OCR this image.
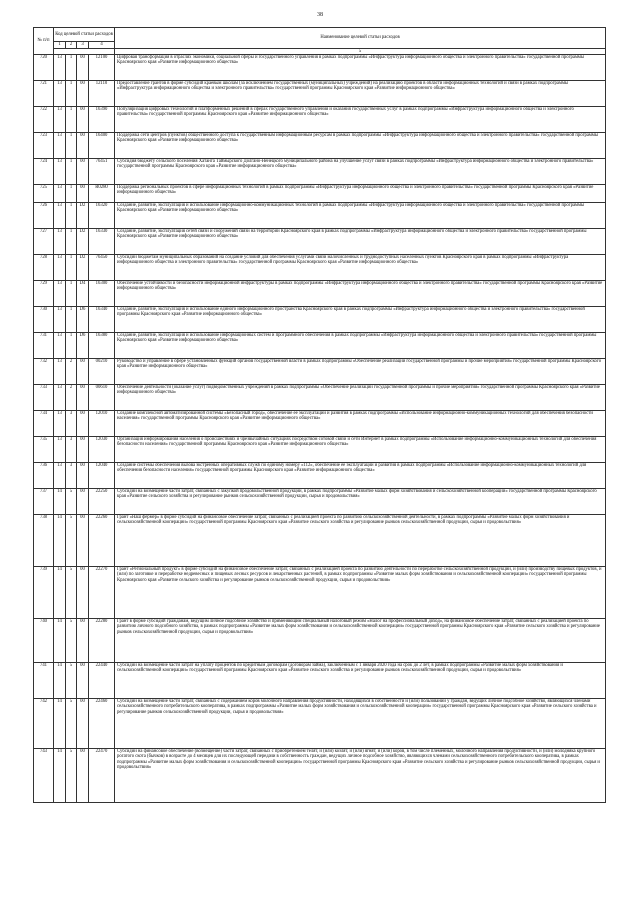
38
№ п/п	Код целевой статьи расходов				Наименование целевой статьи расходов
	1	2	3	4	
					5
720	13	1	00	12100	Цифровая трансформация в отраслях экономики, социальной сферы и государственного управления в рамках подпрограммы «Инфраструктура информационного общества и электронного правительства» государственной программы Красноярского края «Развитие информационного общества»
721	13	1	00	12110	Предоставление грантов в форме субсидий краевым школам (за исключением государственных (муниципальных) учреждений) на реализацию проектов в области информационных технологий и связи в рамках подпрограммы «Инфраструктура информационного общества и электронного правительства» государственной программы Красноярского края «Развитие информационного общества»
722	13	1	00	16390	Популяризация цифровых технологий и платформенных решений в сферах государственного управления и оказания государственных услуг в рамках подпрограммы «Инфраструктура информационного общества и электронного правительства» государственной программы Красноярского края «Развитие информационного общества»
723	13	1	00	16400	Поддержка сети центров (пунктов) общественного доступа к государственным информационным ресурсам в рамках подпрограммы «Инфраструктура информационного общества и электронного правительства» государственной программы Красноярского края «Развитие информационного общества»
724	13	1	00	76451	Субсидия бюджету сельского поселения Хатанга Таймырского Долгано-Ненецкого муниципального района на улучшение услуг связи в рамках подпрограммы «Инфраструктура информационного общества и электронного правительства» государственной программы Красноярского края «Развитие информационного общества»
725	13	1	00	R0280	Поддержка региональных проектов в сфере информационных технологий в рамках подпрограммы «Инфраструктура информационного общества и электронного правительства» государственной программы Красноярского края «Развитие информационного общества»
726	13	1	D2	16320	Создание, развитие, эксплуатация и использование информационно-коммуникационных технологий в рамках подпрограммы «Инфраструктура информационного общества и электронного правительства» государственной программы Красноярского края «Развитие информационного общества»
727	13	1	D2	16330	Создание, развитие, эксплуатация сетей связи и сооружений связи на территории Красноярского края в рамках подпрограммы «Инфраструктура информационного общества и электронного правительства» государственной программы Красноярского края «Развитие информационного общества»
728	13	1	D2	76450	Субсидии бюджетам муниципальных образований на создание условий для обеспечения услугами связи малочисленных и труднодоступных населенных пунктов Красноярского края в рамках подпрограммы «Инфраструктура информационного общества и электронного правительства» государственной программы Красноярского края «Развитие информационного общества»
729	13	1	D4	16300	Обеспечение устойчивости и безопасности информационной инфраструктуры в рамках подпрограммы «Инфраструктура информационного общества и электронного правительства» государственной программы Красноярского края «Развитие информационного общества»
730	13	1	D6	16340	Создание, развитие, эксплуатация и использование единого информационного пространства Красноярского края в рамках подпрограммы «Инфраструктура информационного общества и электронного правительства» государственной программы Красноярского края «Развитие информационного общества»
731	13	1	D6	16380	Создание, развитие, эксплуатация и использование информационных систем и программного обеспечения в рамках подпрограммы «Инфраструктура информационного общества и электронного правительства» государственной программы Красноярского края «Развитие информационного общества»
732	13	2	00	00210	Руководство и управление в сфере установленных функций органов государственной власти в рамках подпрограммы «Обеспечение реализации государственной программы и прочие мероприятия» государственной программы Красноярского края «Развитие информационного общества»
733	13	2	00	00610	Обеспечение деятельности (оказание услуг) подведомственных учреждений в рамках подпрограммы «Обеспечение реализации государственной программы и прочие мероприятия» государственной программы Красноярского края «Развитие информационного общества»
734	13	3	00	12010	Создание комплексной автоматизированной системы «Безопасный город», обеспечение ее эксплуатации и развития в рамках подпрограммы «Использование информационно-коммуникационных технологий для обеспечения безопасности населения» государственной программы Красноярского края «Развитие информационного общества»
735	13	3	00	12030	Организация информирования населения о происшествиях и чрезвычайных ситуациях посредством сотовой связи и сети Интернет в рамках подпрограммы «Использование информационно-коммуникационных технологий для обеспечения безопасности населения» государственной программы Красноярского края «Развитие информационного общества»
736	13	3	00	12040	Создание системы обеспечения вызова экстренных оперативных служб по единому номеру «112», обеспечение ее эксплуатации и развития в рамках подпрограммы «Использование информационно-коммуникационных технологий для обеспечения безопасности населения» государственной программы Красноярского края «Развитие информационного общества»
737	14	5	00	22250	Субсидии на возмещение части затрат, связанных с закупкой продовольственной продукции, в рамках подпрограммы «Развитие малых форм хозяйствования и сельскохозяйственной кооперации» государственной программы Красноярского края «Развитие сельского хозяйства и регулирование рынков сельскохозяйственной продукции, сырья и продовольствия»
738	14	5	00	22260	Грант «Наш фермер» в форме субсидий на финансовое обеспечение затрат, связанных с реализацией проекта по развитию сельскохозяйственной деятельности, в рамках подпрограммы «Развитие малых форм хозяйствования и сельскохозяйственной кооперации» государственной программы Красноярского края «Развитие сельского хозяйства и регулирование рынков сельскохозяйственной продукции, сырья и продовольствия»
739	14	5	00	22270	Грант «Региональный продукт» в форме субсидий на финансовое обеспечение затрат, связанных с реализацией проекта по развитию деятельности по переработке сельскохозяйственной продукции, и (или) производству пищевых продуктов, и (или) по заготовке и переработке недревесных и пищевых лесных ресурсов и лекарственных растений, в рамках подпрограммы «Развитие малых форм хозяйствования и сельскохозяйственной кооперации» государственной программы Красноярского края «Развитие сельского хозяйства и регулирование рынков сельскохозяйственной продукции, сырья и продовольствия»
740	14	5	00	22280	Грант в форме субсидий гражданам, ведущим личное подсобное хозяйство и применяющим специальный налоговый режим «Налог на профессиональный доход», на финансовое обеспечение затрат, связанных с реализацией проекта по развитию личного подсобного хозяйства, в рамках подпрограммы «Развитие малых форм хозяйствования и сельскохозяйственной кооперации» государственной программы Красноярского края «Развитие сельского хозяйства и регулирование рынков сельскохозяйственной продукции, сырья и продовольствия»
741	14	5	00	22440	Субсидии на возмещение части затрат на уплату процентов по кредитным договорам (договорам займа), заключенным с 1 января 2020 года на срок до 2 лет, в рамках подпрограммы «Развитие малых форм хозяйствования и сельскохозяйственной кооперации» государственной программы Красноярского края «Развитие сельского хозяйства и регулирование рынков сельскохозяйственной продукции, сырья и продовольствия»
742	14	5	00	22460	Субсидии на возмещение части затрат, связанных с содержанием коров молочного направления продуктивности, находящихся в собственности и (или) пользовании у граждан, ведущих личное подсобное хозяйство, являющихся членами сельскохозяйственного потребительского кооператива, в рамках подпрограммы «Развитие малых форм хозяйствования и сельскохозяйственной кооперации» государственной программы Красноярского края «Развитие сельского хозяйства и регулирование рынков сельскохозяйственной продукции, сырья и продовольствия»
743	14	5	00	22470	Субсидии на финансовое обеспечение (возмещение) части затрат, связанных с приобретением телят, и (или) козлят, и (или) ягнят, и (или) коров, в том числе племенных, молочного направления продуктивности, и (или) молодняка крупного рогатого скота (бычков) в возрасте до 4 месяцев для их последующей передачи в собственность граждан, ведущих личное подсобное хозяйство, являющихся членами сельскохозяйственного потребительского кооператива, в рамках подпрограммы «Развитие малых форм хозяйствования и сельскохозяйственной кооперации» государственной программы Красноярского края «Развитие сельского хозяйства и регулирование рынков сельскохозяйственной продукции, сырья и продовольствия»
